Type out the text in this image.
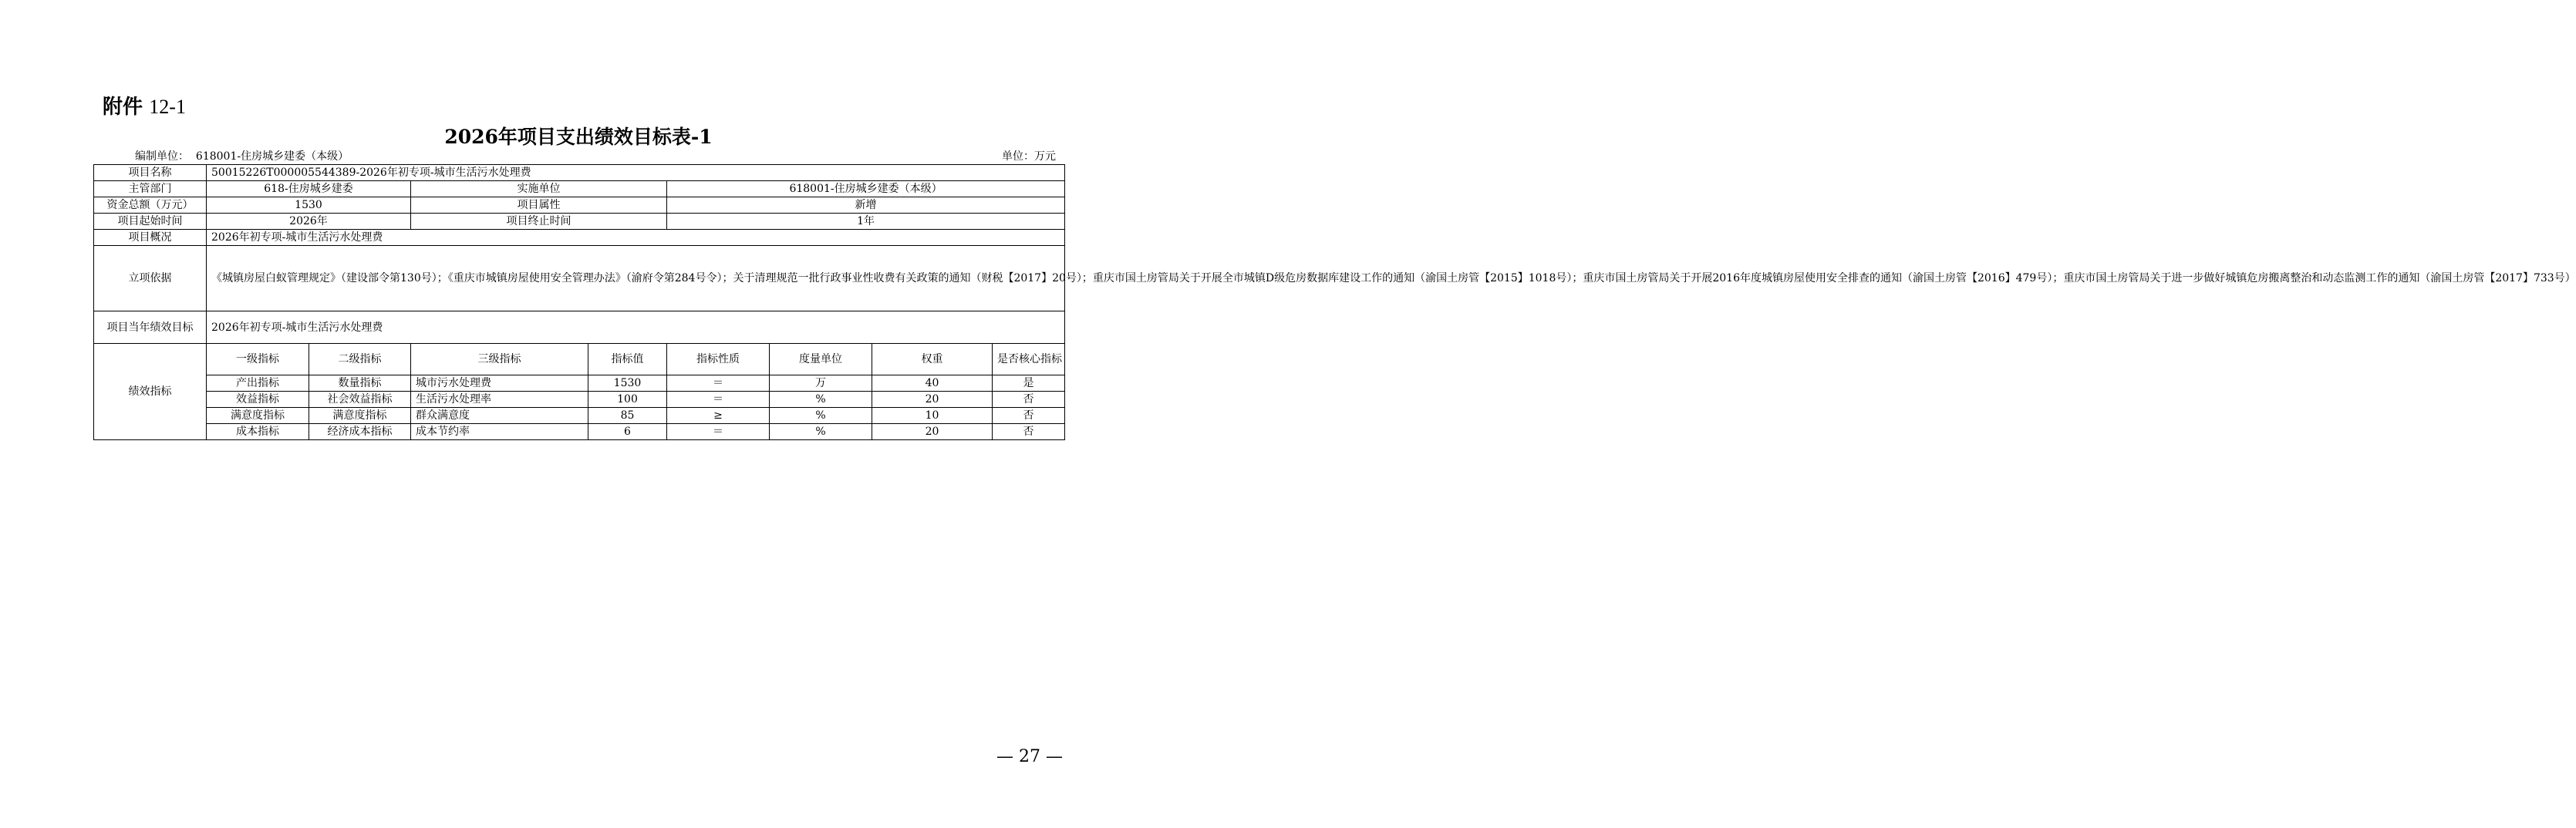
附件 12-1
2026年项目支出绩效目标表-1
编制单位： 618001-住房城乡建委（本级）	单位：万元
项目名称	50015226T000005544389-2026年初专项-城市生活污水处理费							
主管部门	618-住房城乡建委		实施单位		618001-住房城乡建委（本级）			
资金总额（万元）	1530		项目属性		新增			
项目起始时间	2026年		项目终止时间		1年			
项目概况	2026年初专项-城市生活污水处理费							
立项依据	《城镇房屋白蚁管理规定》（建设部令第130号）；《重庆市城镇房屋使用安全管理办法》（渝府令第284号令）；关于清理规范一批行政事业性收费有关政策的通知（财税【2017】20号）；重庆市国土房管局关于开展全市城镇D级危房数据库建设工作的通知（渝国土房管【2015】1018号）；重庆市国土房管局关于开展2016年度城镇房屋使用安全排查的通知（渝国土房管【2016】479号）；重庆市国土房管局关于进一步做好城镇危房搬离整治和动态监测工作的通知（渝国土房管【2017】733号）							
项目当年绩效目标	2026年初专项-城市生活污水处理费							
绩效指标	一级指标	二级指标	三级指标	指标值	指标性质	度量单位	权重	是否核心指标
	产出指标	数量指标	城市污水处理费	1530	＝	万	40	是
	效益指标	社会效益指标	生活污水处理率	100	＝	%	20	否
	满意度指标	满意度指标	群众满意度	85	≥	%	10	否
	成本指标	经济成本指标	成本节约率	6	＝	%	20	否
— 27 —
